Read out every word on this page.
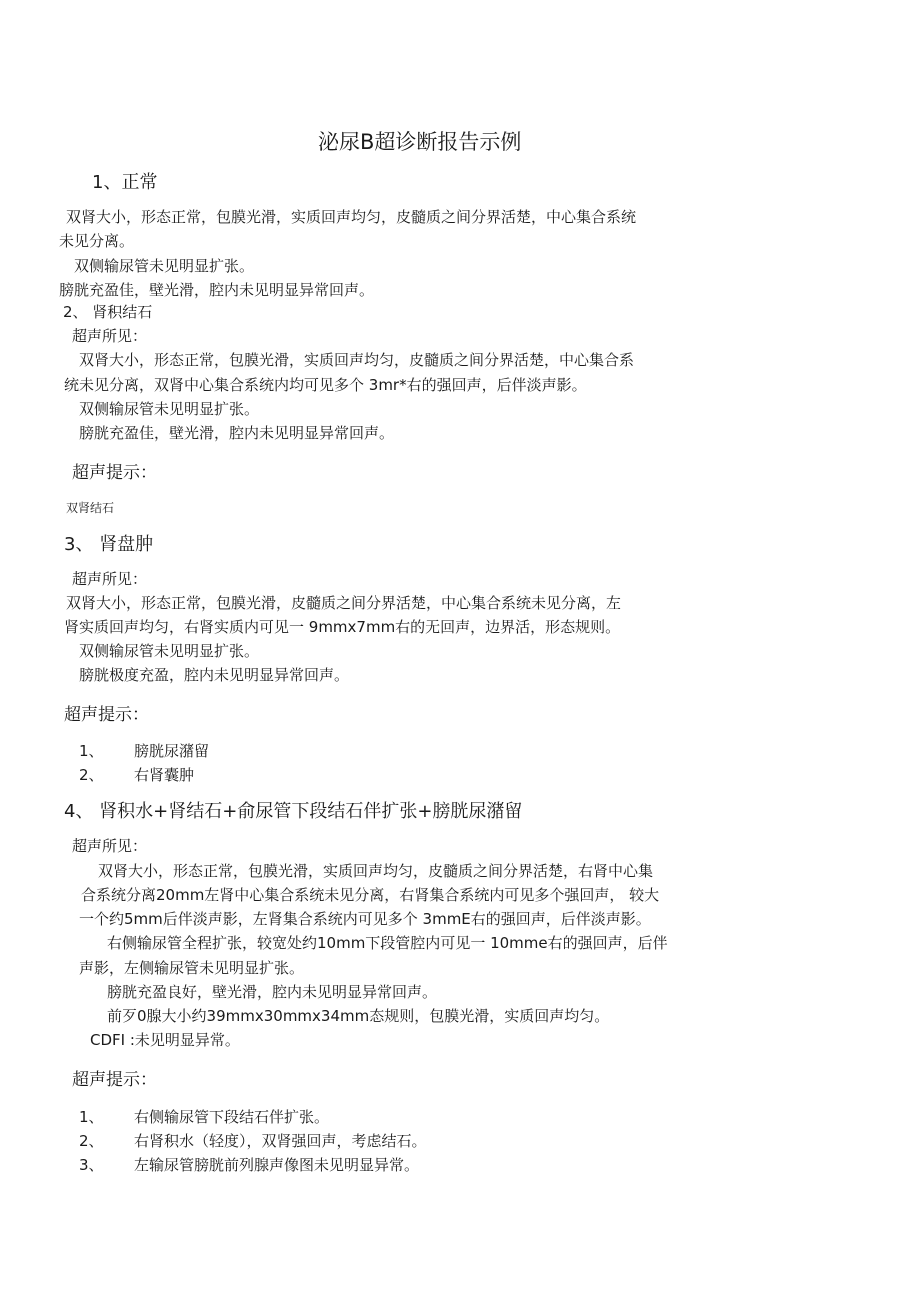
泌尿B超诊断报告示例
1、正常
双肾大小，形态正常，包膜光滑，实质回声均匀，皮髓质之间分界活楚，中心集合系统
未见分离。
双侧输尿管未见明显扩张。
膀胱充盈佳，壁光滑，腔内未见明显异常回声。
2、 肾积结石
超声所见：
双肾大小，形态正常，包膜光滑，实质回声均匀，皮髓质之间分界活楚，中心集合系
统未见分离，双肾中心集合系统内均可见多个 3mr*右的强回声，后伴淡声影。
双侧输尿管未见明显扩张。
膀胱充盈佳，壁光滑，腔内未见明显异常回声。
超声提示：
双肾结石
3、 肾盘肿
超声所见：
双肾大小，形态正常，包膜光滑，皮髓质之间分界活楚，中心集合系统未见分离，左
肾实质回声均匀，右肾实质内可见一 9mmx7mm右的无回声，边界活，形态规则。
双侧输尿管未见明显扩张。
膀胱极度充盈，腔内未见明显异常回声。
超声提示：
1、 膀胱尿潴留
2、 右肾囊肿
4、 肾积水+肾结石+俞尿管下段结石伴扩张+膀胱尿潴留
超声所见：
双肾大小，形态正常，包膜光滑，实质回声均匀，皮髓质之间分界活楚，右肾中心集
合系统分离20mm左肾中心集合系统未见分离，右肾集合系统内可见多个强回声， 较大
一个约5mm后伴淡声影，左肾集合系统内可见多个 3mmE右的强回声，后伴淡声影。
右侧输尿管全程扩张，较宽处约10mm下段管腔内可见一 10mme右的强回声，后伴
声影，左侧输尿管未见明显扩张。
膀胱充盈良好，壁光滑，腔内未见明显异常回声。
前歹0腺大小约39mmx30mmx34mm态规则，包膜光滑，实质回声均匀。
CDFI :未见明显异常。
超声提示：
1、 右侧输尿管下段结石伴扩张。
2、 右肾积水（轻度），双肾强回声，考虑结石。
3、 左输尿管膀胱前列腺声像图未见明显异常。
